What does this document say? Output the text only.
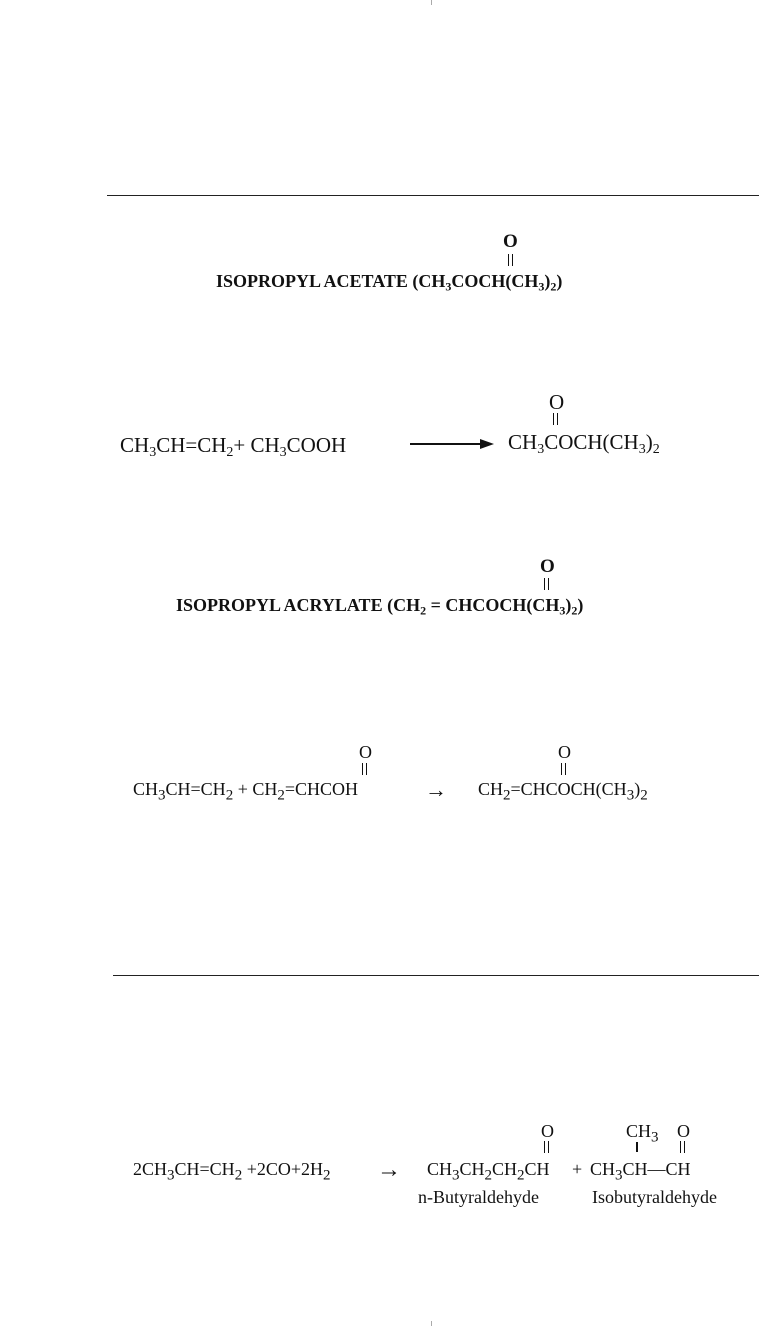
O
ISOPROPYL ACETATE $(CH_3COCH(CH_3)_2)$
$CH_3CH=CH_2+$ $CH_3COOH$
O
$CH_3COCH(CH_3)_2$
O
ISOPROPYL ACRYLATE ($CH_2$ = $CHCOCH(CH_3)_2$)
O
$CH_3CH=CH_2$ + $CH_2=CHCOH$	→
O
$CH_2=CHCOCH(CH_3)_2$
$2CH_3CH=CH_2 +2CO+2H_2$ →
O
$CH_3CH_2CH_2CH$ +
$CH_3$ O
$CH_3CH—CH$
n-Butyraldehyde	Isobutyraldehyde
